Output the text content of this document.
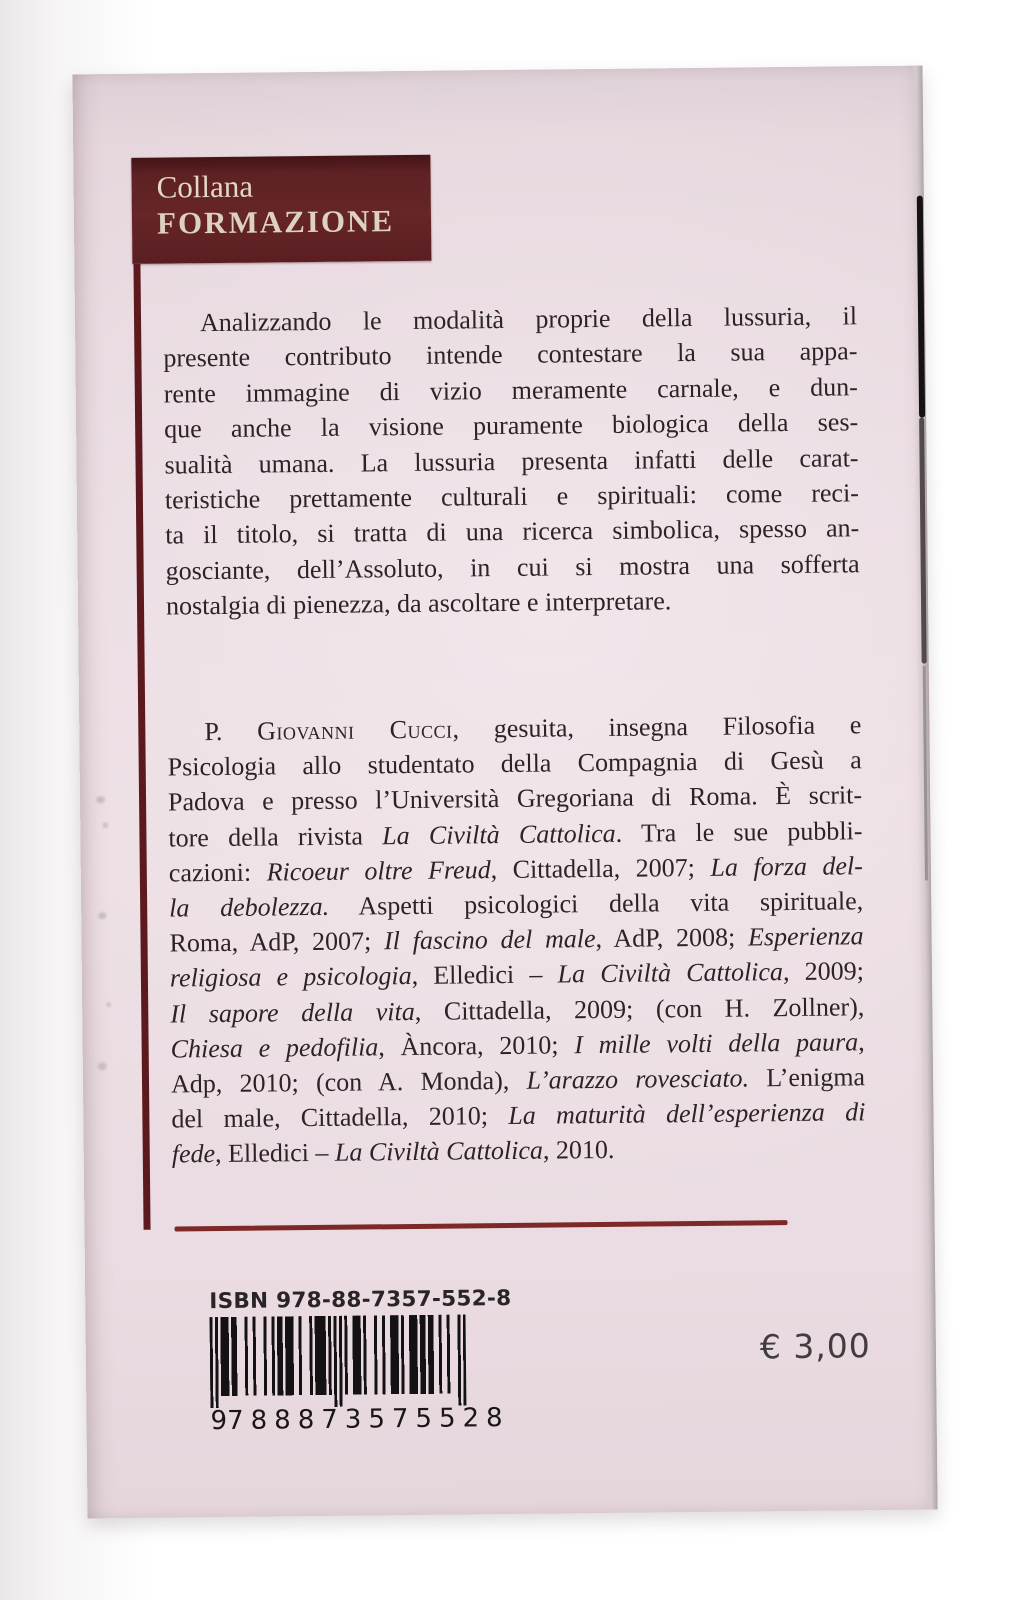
Collana
FORMAZIONE
Analizzando le modalità proprie della lussuria, il
presente contributo intende contestare la sua appa-
rente immagine di vizio meramente carnale, e dun-
que anche la visione puramente biologica della ses-
sualità umana. La lussuria presenta infatti delle carat-
teristiche prettamente culturali e spirituali: come reci-
ta il titolo, si tratta di una ricerca simbolica, spesso an-
gosciante, dell’Assoluto, in cui si mostra una sofferta
nostalgia di pienezza, da ascoltare e interpretare.
P. Giovanni Cucci, gesuita, insegna Filosofia e
Psicologia allo studentato della Compagnia di Gesù a
Padova e presso l’Università Gregoriana di Roma. È scrit-
tore della rivista La Civiltà Cattolica. Tra le sue pubbli-
cazioni: Ricoeur oltre Freud, Cittadella, 2007; La forza del-
la debolezza. Aspetti psicologici della vita spirituale,
Roma, AdP, 2007; Il fascino del male, AdP, 2008; Esperienza
religiosa e psicologia, Elledici – La Civiltà Cattolica, 2009;
Il sapore della vita, Cittadella, 2009; (con H. Zollner),
Chiesa e pedofilia, Àncora, 2010; I mille volti della paura,
Adp, 2010; (con A. Monda), L’arazzo rovesciato. L’enigma
del male, Cittadella, 2010; La maturità dell’esperienza di
fede, Elledici – La Civiltà Cattolica, 2010.
ISBN 978-88-7357-552-8
9 788873 575528
€ 3,00
